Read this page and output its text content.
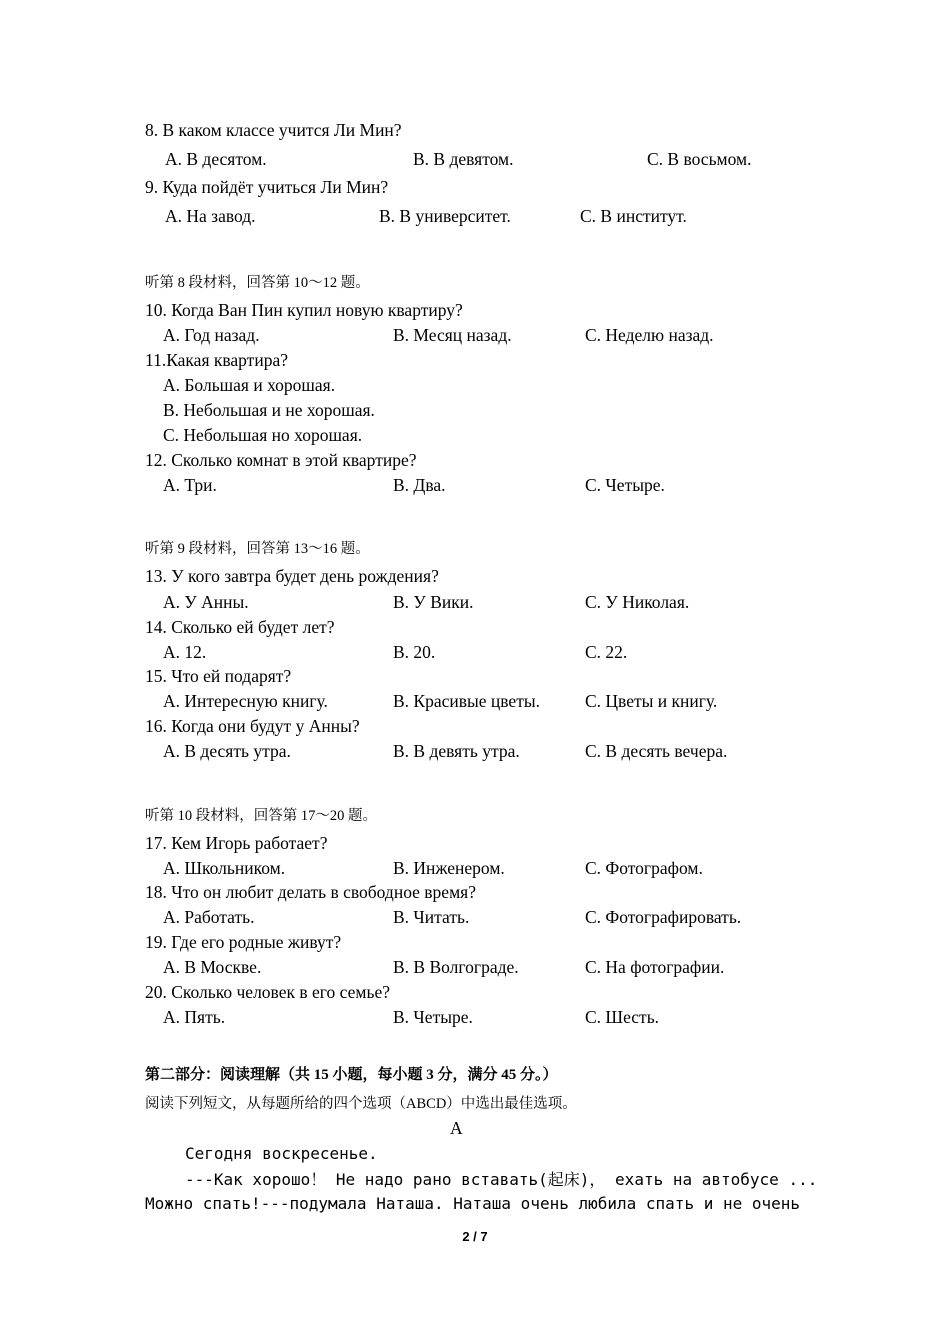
8. В каком классе учится Ли Мин?
A. В десятом.	B. В девятом.	C. В восьмом.
9. Куда пойдёт учиться Ли Мин?
A. На завод.	B. В университет.	C. В институт.
听第 8 段材料，回答第 10～12 题。
10. Когда Ван Пин купил новую квартиру?
A. Год назад.	B. Месяц назад.	C. Неделю назад.
11.Какая квартира?
A. Большая и хорошая.
B. Небольшая и не хорошая.
C. Небольшая но хорошая.
12. Сколько комнат в этой квартире?
A. Три.	B. Два.	C. Четыре.
听第 9 段材料，回答第 13～16 题。
13. У кого завтра будет день рождения?
A. У Анны.	B. У Вики.	C. У Николая.
14. Сколько ей будет лет?
A. 12.	B. 20.	C. 22.
15. Что ей подарят?
A. Интересную книгу.	B. Красивые цветы.	C. Цветы и книгу.
16. Когда они будут у Анны?
A. В десять утра.	B. В девять утра.	C. В десять вечера.
听第 10 段材料，回答第 17～20 题。
17. Кем Игорь работает?
A. Школьником.	B. Инженером.	C. Фотографом.
18. Что он любит делать в свободное время?
A. Работать.	B. Читать.	C. Фотографировать.
19. Где его родные живут?
A. В Москве.	B. В Волгограде.	C. На фотографии.
20. Сколько человек в его семье?
A. Пять.	B. Четыре.	C. Шесть.
第二部分：阅读理解（共 15 小题，每小题 3 分，满分 45 分。）
阅读下列短文，从每题所给的四个选项（ABCD）中选出最佳选项。
A
Сегодня воскресенье.
---Как хорошо！ Не надо рано вставать(起床)， ехать на автобусе ...
Можно спать!---подумала Наташа. Наташа очень любила спать и не очень
2 / 7
